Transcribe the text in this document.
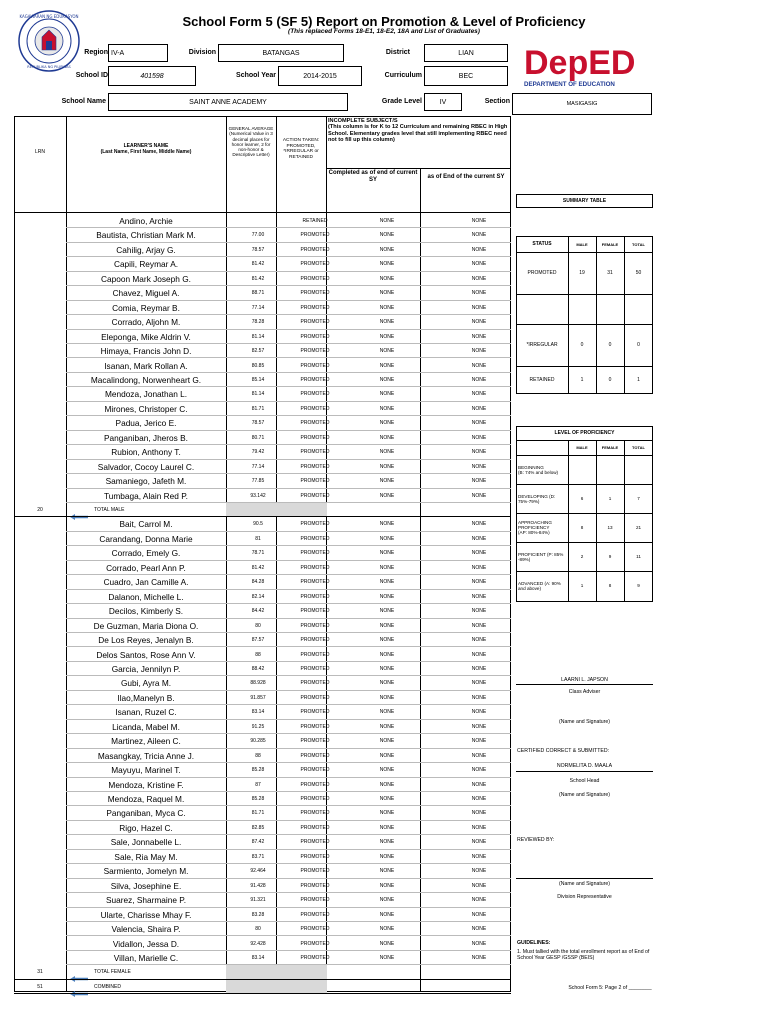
KAGAWARAN NG EDUKASYON
REPUBLIKA NG PILIPINAS
School Form 5 (SF 5) Report on Promotion & Level of Proficiency
(This replaced Forms 18-E1, 18-E2, 18A and List of Graduates)
DepED
DEPARTMENT OF EDUCATION
Region IV-A	Division	BATANGAS	District	LIAN
School ID	401598	School Year	2014-2015	Curriculum	BEC
School Name	SAINT ANNE ACADEMY	Grade Level	IV	Section	MASIGASIG
LRN
LEARNER'S NAME
(Last Name, First Name, Middle Name)
GENERAL AVERAGE
(Numerical Value in 3 decimal places for honor learner, 2 for non-honor & Descriptive Letter)
ACTION TAKEN: PROMOTED, *IRREGULAR or RETAINED
INCOMPLETE SUBJECT/S
(This column is for K to 12 Curriculum and remaining RBEC in High School. Elementary grades level that still implementing RBEC need not to fill up this column)
Completed as of end of current SY	as of End of the current SY
Andino, Archie	RETAINED	NONE	NONE
Bautista, Christian Mark M.	77.00	PROMOTED	NONE	NONE
Cahilig, Arjay G.	78.57	PROMOTED	NONE	NONE
Capili, Reymar A.	81.42	PROMOTED	NONE	NONE
Capoon Mark Joseph G.	81.42	PROMOTED	NONE	NONE
Chavez, Miguel A.	88.71	PROMOTED	NONE	NONE
Comia, Reymar B.	77.14	PROMOTED	NONE	NONE
Corrado, Aljohn M.	78.28	PROMOTED	NONE	NONE
Eleponga, Mike Aldrin V.	81.14	PROMOTED	NONE	NONE
Himaya, Francis John D.	82.57	PROMOTED	NONE	NONE
Isanan, Mark Rollan A.	80.85	PROMOTED	NONE	NONE
Macalindong, Norwenheart G.	85.14	PROMOTED	NONE	NONE
Mendoza, Jonathan L.	81.14	PROMOTED	NONE	NONE
Mirones, Christoper C.	81.71	PROMOTED	NONE	NONE
Padua, Jerico E.	78.57	PROMOTED	NONE	NONE
Panganiban, Jheros B.	80.71	PROMOTED	NONE	NONE
Rubion, Anthony T.	79.42	PROMOTED	NONE	NONE
Salvador, Cocoy Laurel C.	77.14	PROMOTED	NONE	NONE
Samaniego, Jafeth M.	77.85	PROMOTED	NONE	NONE
Tumbaga, Alain Red P.	93.142	PROMOTED	NONE	NONE
20	TOTAL MALE
Bait, Carrol M.	90.5	PROMOTED	NONE	NONE
Carandang, Donna Marie	81	PROMOTED	NONE	NONE
Corrado, Emely G.	78.71	PROMOTED	NONE	NONE
Corrado, Pearl Ann P.	81.42	PROMOTED	NONE	NONE
Cuadro, Jan Camille A.	84.28	PROMOTED	NONE	NONE
Dalanon, Michelle L.	82.14	PROMOTED	NONE	NONE
Decilos, Kimberly S.	84.42	PROMOTED	NONE	NONE
De Guzman, Maria Diona O.	80	PROMOTED	NONE	NONE
De Los Reyes, Jenalyn B.	87.57	PROMOTED	NONE	NONE
Delos Santos, Rose Ann V.	88	PROMOTED	NONE	NONE
Garcia, Jennilyn P.	88.42	PROMOTED	NONE	NONE
Gubi, Ayra M.	88.928	PROMOTED	NONE	NONE
Ilao,Manelyn B.	91.857	PROMOTED	NONE	NONE
Isanan, Ruzel C.	83.14	PROMOTED	NONE	NONE
Licanda, Mabel M.	91.25	PROMOTED	NONE	NONE
Martinez, Aileen C.	90.285	PROMOTED	NONE	NONE
Masangkay, Tricia Anne J.	88	PROMOTED	NONE	NONE
Mayuyu, Marinel T.	85.28	PROMOTED	NONE	NONE
Mendoza, Kristine F.	87	PROMOTED	NONE	NONE
Mendoza, Raquel M.	85.28	PROMOTED	NONE	NONE
Panganiban, Myca C.	81.71	PROMOTED	NONE	NONE
Rigo, Hazel C.	82.85	PROMOTED	NONE	NONE
Sale, Jonnabelle L.	87.42	PROMOTED	NONE	NONE
Sale, Ria May M.	83.71	PROMOTED	NONE	NONE
Sarmiento, Jomelyn M.	92.464	PROMOTED	NONE	NONE
Silva, Josephine E.	91.428	PROMOTED	NONE	NONE
Suarez, Sharmaine P.	91.321	PROMOTED	NONE	NONE
Ularte, Charisse Mhay F.	83.28	PROMOTED	NONE	NONE
Valencia, Shaira P.	80	PROMOTED	NONE	NONE
Vidallon, Jessa D.	92.428	PROMOTED	NONE	NONE
Villan, Marielle C.	83.14	PROMOTED	NONE	NONE
31	TOTAL FEMALE
51	COMBINED
SUMMARY TABLE
STATUS	MALE	FEMALE	TOTAL
PROMOTED	19	31	50
*IRREGULAR	0	0	0
RETAINED	1	0	1
LEVEL OF PROFICIENCY
MALE	FEMALE	TOTAL
BEGINNING
(B: 74% and below)
DEVELOPING (D: 75%-79%)	6	1	7
APPROACHING PROFICIENCY
(AP: 80%-84%)
8	13	21
PROFICIENT (P: 85% -89%)	2	9	11
ADVANCED (A: 90% and above)	1	8	9
LAARNI L. JAPSON
Class Adviser
(Name and Signature)
CERTIFIED CORRECT & SUBMITTED:
NORMELITA D. MAALA
School Head
(Name and Signature)
REVIEWED BY:
(Name and Signature)
Division Representative
GUIDELINES:
1. Must tallied with the total enrollment report as of End of School Year GESP /GSSP (BEIS)
School Form 5: Page 2 of ________
